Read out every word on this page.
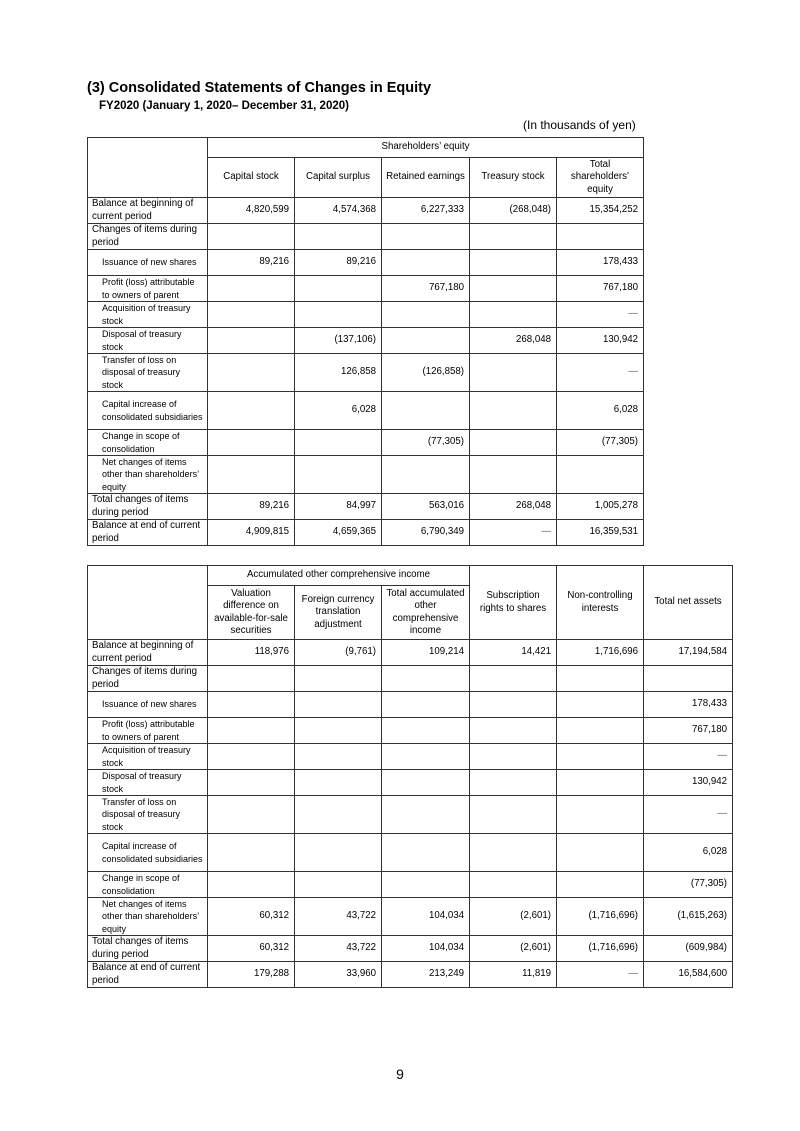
(3) Consolidated Statements of Changes in Equity
FY2020 (January 1, 2020– December 31, 2020)
(In thousands of yen)
	Shareholders’ equity				
	Capital stock	Capital surplus	Retained earnings	Treasury stock	Total shareholders’ equity
Balance at beginning of current period	4,820,599	4,574,368	6,227,333	(268,048)	15,354,252
Changes of items during period					
Issuance of new shares	89,216	89,216			178,433
Profit (loss) attributable to owners of parent			767,180		767,180
Acquisition of treasury stock					—
Disposal of treasury stock		(137,106)		268,048	130,942
Transfer of loss on disposal of treasury stock		126,858	(126,858)		—
Capital increase of consolidated subsidiaries		6,028			6,028
Change in scope of consolidation			(77,305)		(77,305)
Net changes of items other than shareholders’ equity					
Total changes of items during period	89,216	84,997	563,016	268,048	1,005,278
Balance at end of current period	4,909,815	4,659,365	6,790,349	—	16,359,531
	Accumulated other comprehensive income			Subscription rights to shares	Non-controlling interests	Total net assets
	Valuation difference on available-for-sale securities	Foreign currency translation adjustment	Total accumulated other comprehensive income			
Balance at beginning of current period	118,976	(9,761)	109,214	14,421	1,716,696	17,194,584
Changes of items during period						
Issuance of new shares						178,433
Profit (loss) attributable to owners of parent						767,180
Acquisition of treasury stock						—
Disposal of treasury stock						130,942
Transfer of loss on disposal of treasury stock						—
Capital increase of consolidated subsidiaries						6,028
Change in scope of consolidation						(77,305)
Net changes of items other than shareholders’ equity	60,312	43,722	104,034	(2,601)	(1,716,696)	(1,615,263)
Total changes of items during period	60,312	43,722	104,034	(2,601)	(1,716,696)	(609,984)
Balance at end of current period	179,288	33,960	213,249	11,819	—	16,584,600
9
